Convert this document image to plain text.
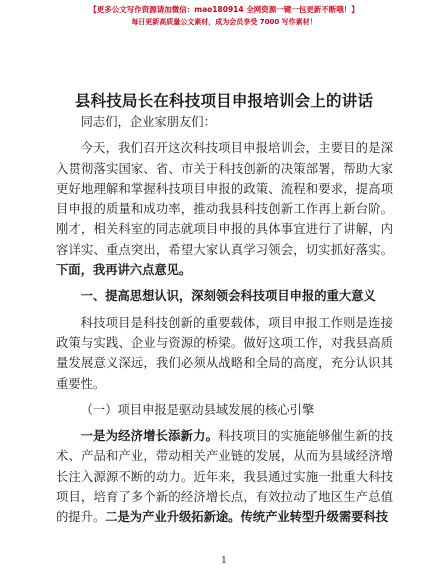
【更多公文写作资源请加微信：mao180914 全网资源一键一包更新不断哦！】
每日更新高质量公文素材，成为会员享受 7000 写作素材！
县科技局长在科技项目申报培训会上的讲话

同志们，企业家朋友们：

今天，我们召开这次科技项目申报培训会，主要目的是深入贯彻落实国家、省、市关于科技创新的决策部署，帮助大家更好地理解和掌握科技项目申报的政策、流程和要求，提高项目申报的质量和成功率，推动我县科技创新工作再上新台阶。刚才，相关科室的同志就项目申报的具体事宜进行了讲解，内容详实、重点突出，希望大家认真学习领会，切实抓好落实。下面，我再讲六点意见。

一、提高思想认识，深刻领会科技项目申报的重大意义

科技项目是科技创新的重要载体，项目申报工作则是连接政策与实践、企业与资源的桥梁。做好这项工作，对我县高质量发展意义深远，我们必须从战略和全局的高度，充分认识其重要性。

（一）项目申报是驱动县域发展的核心引擎

一是为经济增长添新力。科技项目的实施能够催生新的技术、产品和产业，带动相关产业链的发展，从而为县域经济增长注入源源不断的动力。近年来，我县通过实施一批重大科技项目，培育了多个新的经济增长点，有效拉动了地区生产总值的提升。二是为产业升级拓新途。传统产业转型升级需要科技

1
